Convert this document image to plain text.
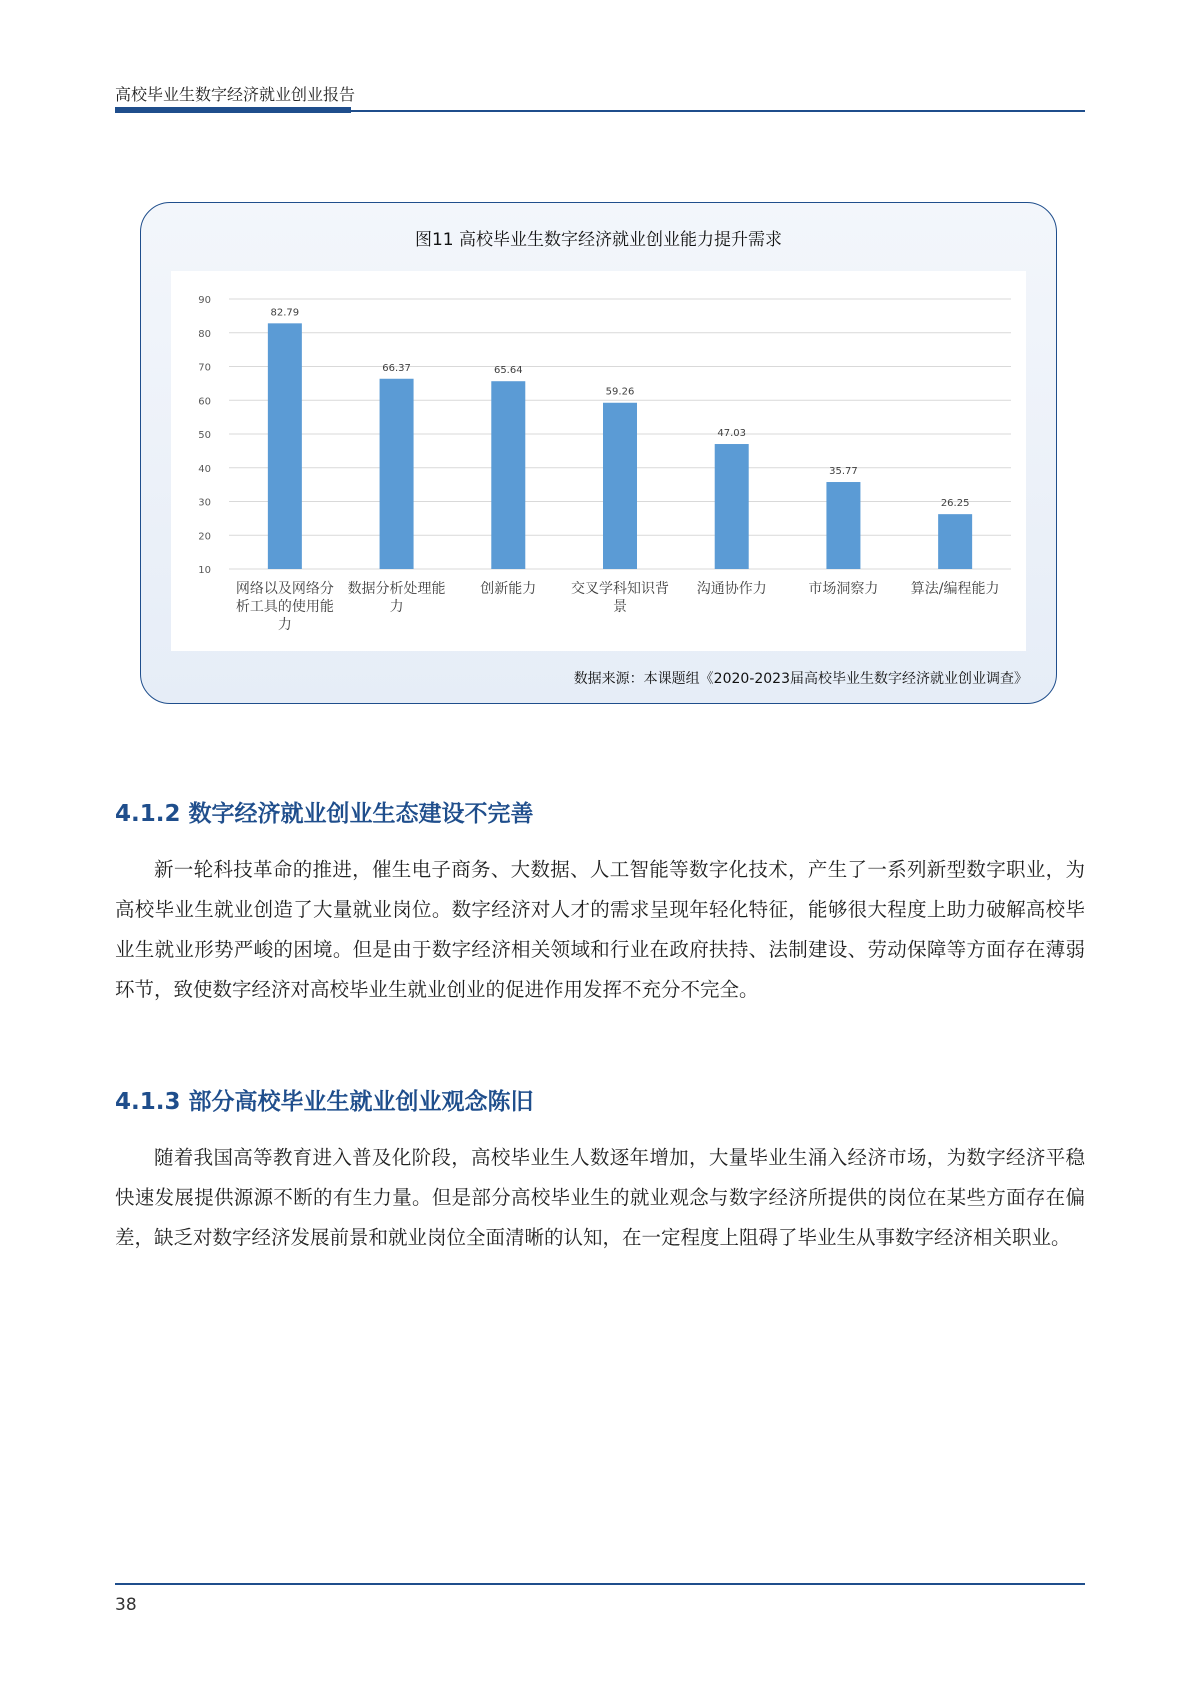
高校毕业生数字经济就业创业报告
图11 高校毕业生数字经济就业创业能力提升需求
10
20
30
40
50
60
70
80
90
82.79
网络以及网络分
析工具的使用能
力
66.37
数据分析处理能
力
65.64
创新能力
59.26
交叉学科知识背
景
47.03
沟通协作力
35.77
市场洞察力
26.25
算法/编程能力
数据来源：本课题组《2020-2023届高校毕业生数字经济就业创业调查》
4.1.2 数字经济就业创业生态建设不完善
新一轮科技革命的推进，催生电子商务、大数据、人工智能等数字化技术，产生了一系列新型数字职业，为高校毕业生就业创造了大量就业岗位。数字经济对人才的需求呈现年轻化特征，能够很大程度上助力破解高校毕业生就业形势严峻的困境。但是由于数字经济相关领域和行业在政府扶持、法制建设、劳动保障等方面存在薄弱环节，致使数字经济对高校毕业生就业创业的促进作用发挥不充分不完全。
4.1.3 部分高校毕业生就业创业观念陈旧
随着我国高等教育进入普及化阶段，高校毕业生人数逐年增加，大量毕业生涌入经济市场，为数字经济平稳快速发展提供源源不断的有生力量。但是部分高校毕业生的就业观念与数字经济所提供的岗位在某些方面存在偏差，缺乏对数字经济发展前景和就业岗位全面清晰的认知，在一定程度上阻碍了毕业生从事数字经济相关职业。
38
